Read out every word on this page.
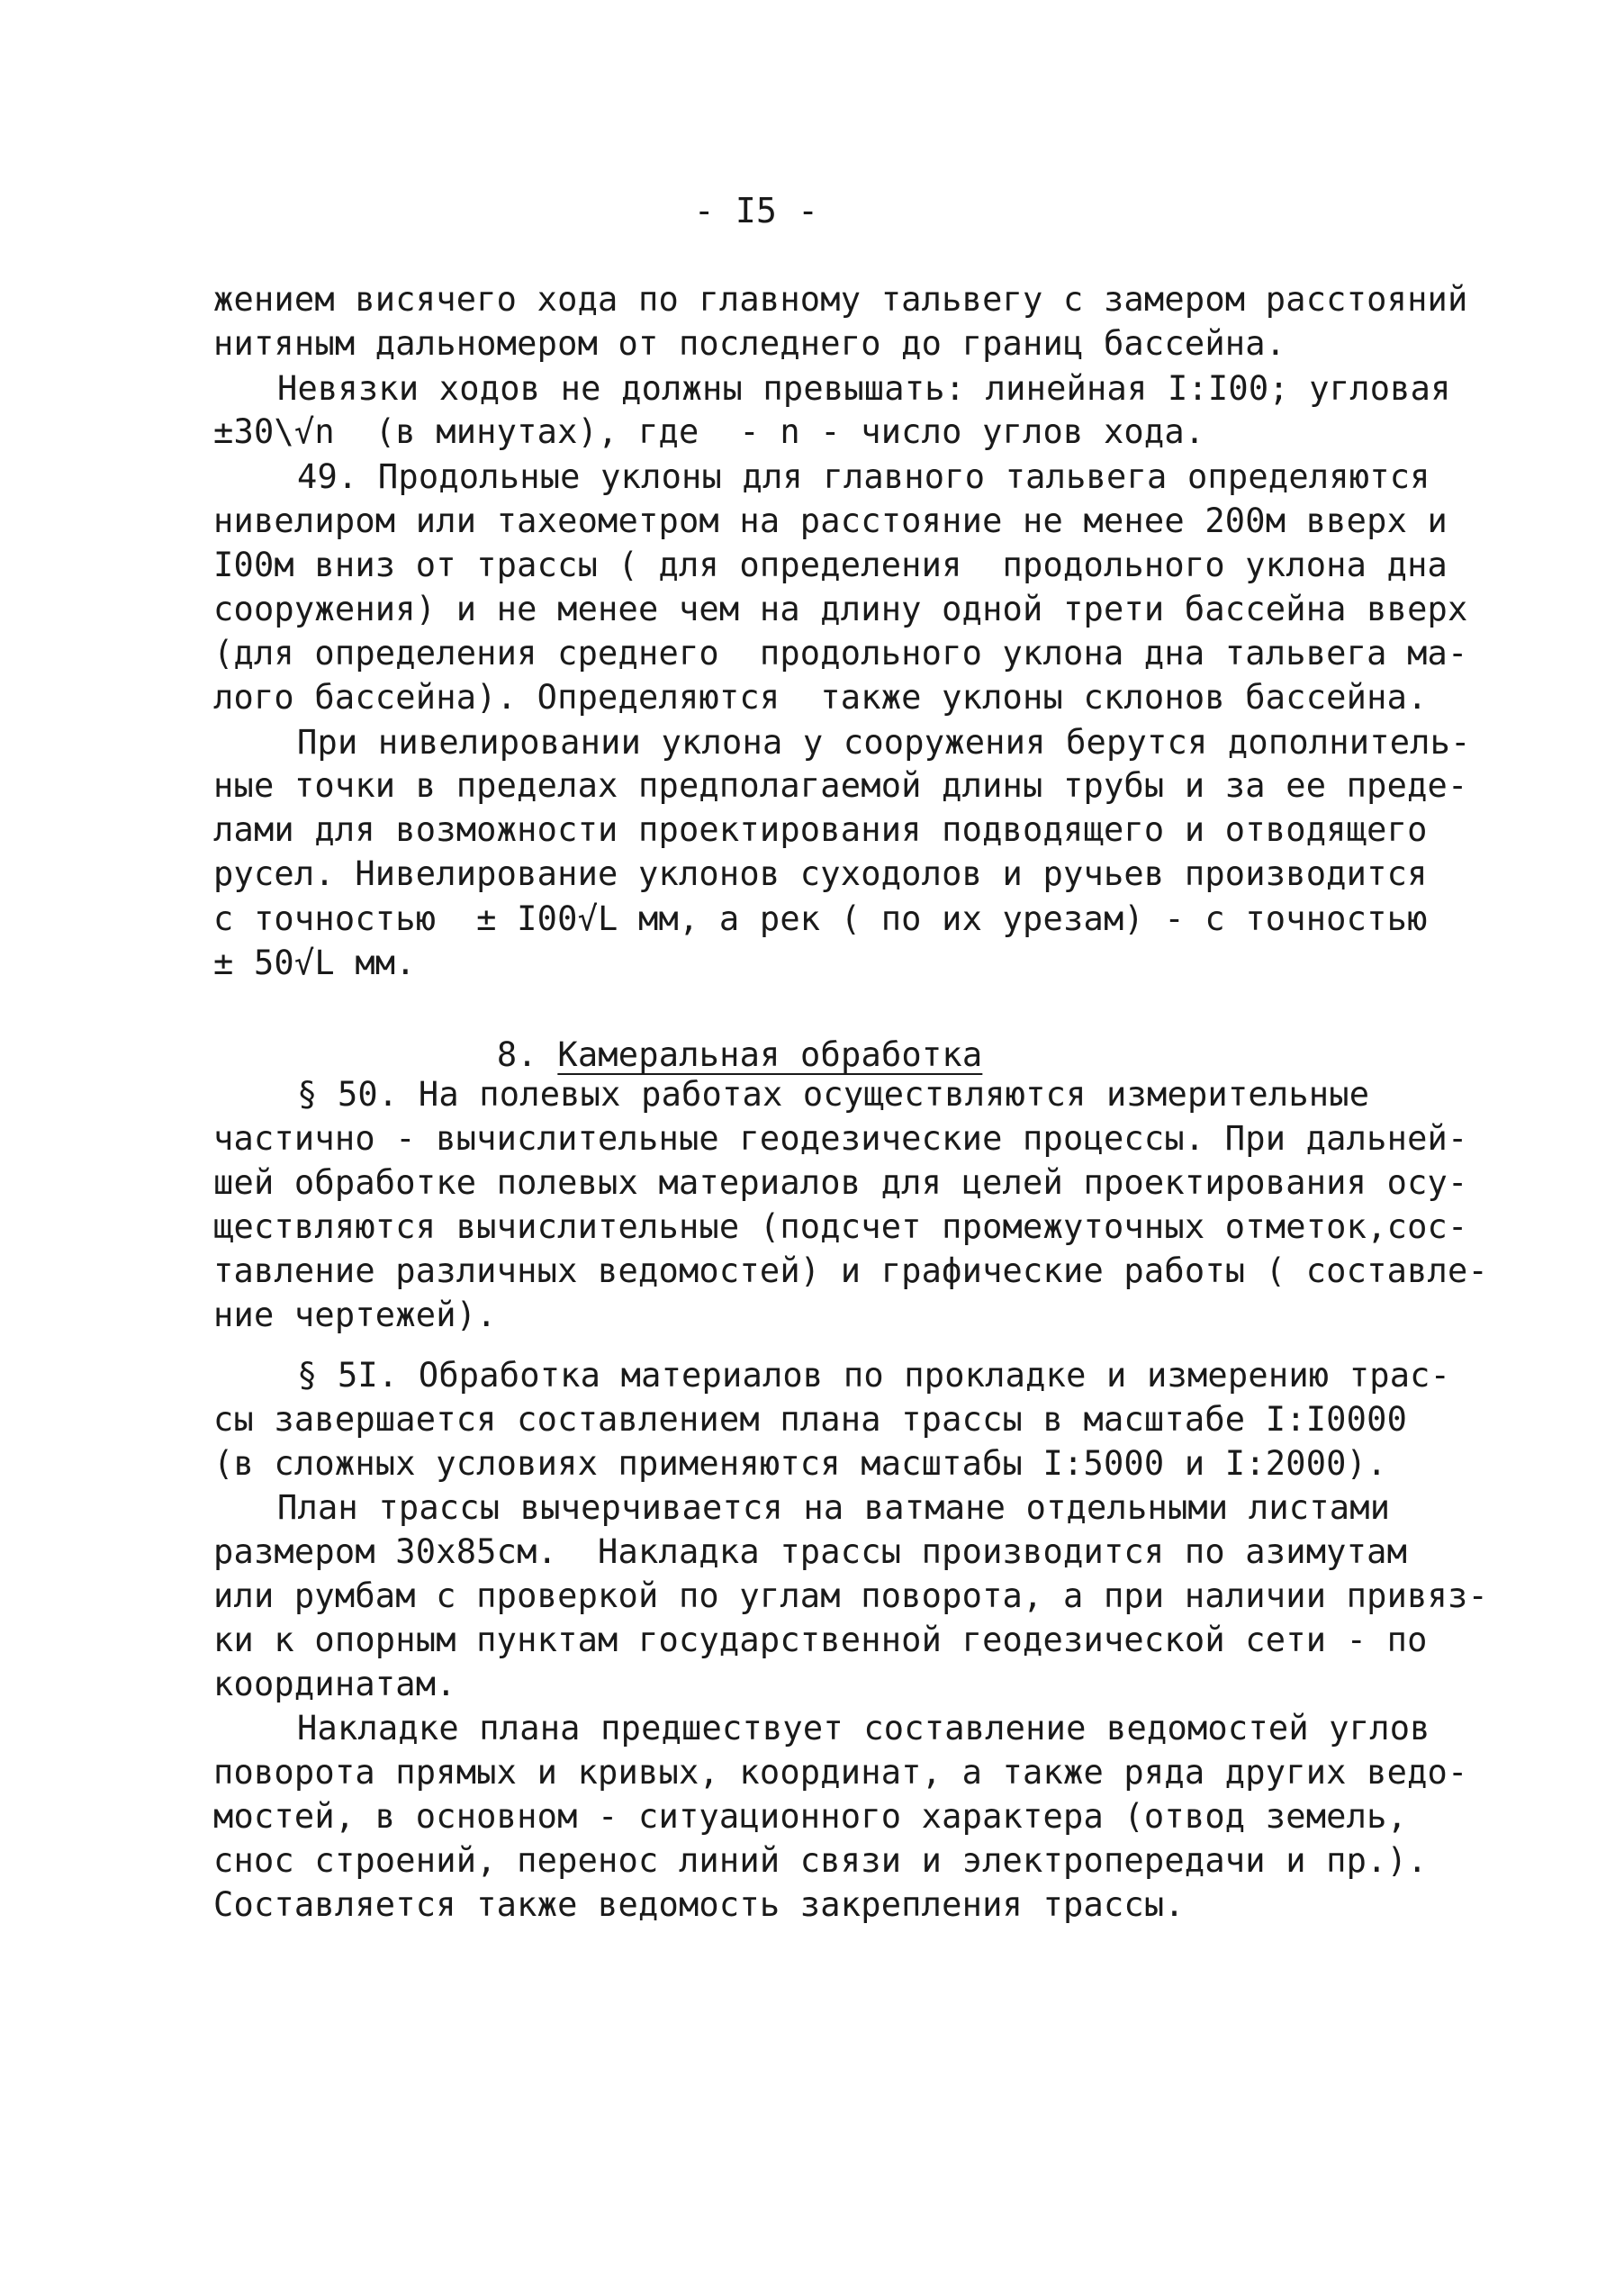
- I5 -
жением висячего хода по главному тальвегу с замером расстояний
нитяным дальномером от последнего до границ бассейна.
Невязки ходов не должны превышать: линейная I:I00; угловая
±30\√n  (в минутах), где  - n - число углов хода.
49. Продольные уклоны для главного тальвега определяются
нивелиром или тахеометром на расстояние не менее 200м вверх и
I00м вниз от трассы ( для определения  продольного уклона дна
сооружения) и не менее чем на длину одной трети бассейна вверх
(для определения среднего  продольного уклона дна тальвега ма-
лого бассейна). Определяются  также уклоны склонов бассейна.
При нивелировании уклона у сооружения берутся дополнитель-
ные точки в пределах предполагаемой длины трубы и за ее преде-
лами для возможности проектирования подводящего и отводящего
русел. Нивелирование уклонов суходолов и ручьев производится
с точностью  ± I00√L мм, а рек ( по их урезам) - с точностью
± 50√L мм.

8. Камеральная обработка

§ 50. На полевых работах осуществляются измерительные
частично - вычислительные геодезические процессы. При дальней-
шей обработке полевых материалов для целей проектирования осу-
ществляются вычислительные (подсчет промежуточных отметок,сос-
тавление различных ведомостей) и графические работы ( составле-
ние чертежей).
§ 5I. Обработка материалов по прокладке и измерению трас-
сы завершается составлением плана трассы в масштабе I:I0000
(в сложных условиях применяются масштабы I:5000 и I:2000).
План трассы вычерчивается на ватмане отдельными листами
размером 30х85см.  Накладка трассы производится по азимутам
или румбам с проверкой по углам поворота, а при наличии привяз-
ки к опорным пунктам государственной геодезической сети - по
координатам.
Накладке плана предшествует составление ведомостей углов
поворота прямых и кривых, координат, а также ряда других ведо-
мостей, в основном - ситуационного характера (отвод земель,
снос строений, перенос линий связи и электропередачи и пр.).
Составляется также ведомость закрепления трассы.
